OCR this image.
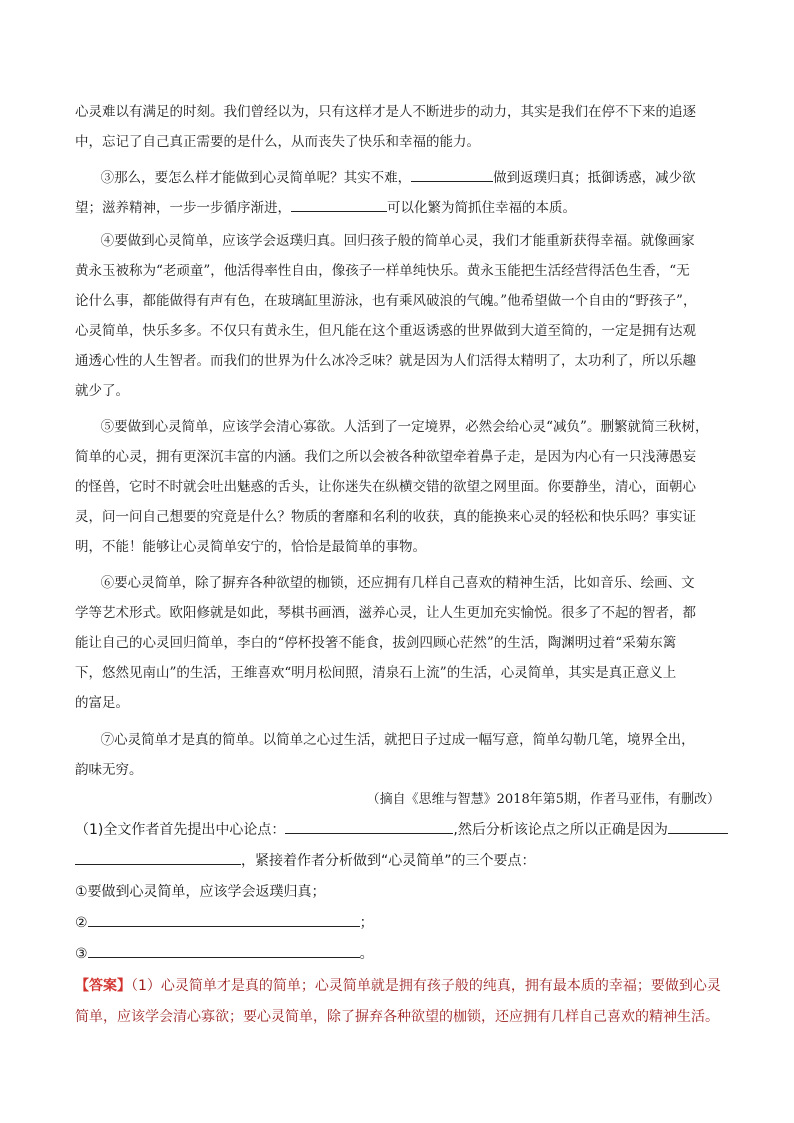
心灵难以有满足的时刻。我们曾经以为，只有这样才是人不断进步的动力，其实是我们在停不下来的追逐
中，忘记了自己真正需要的是什么，从而丧失了快乐和幸福的能力。
③那么，要怎么样才能做到心灵简单呢？其实不难，	做到返璞归真；抵御诱惑，减少欲
望；滋养精神，一步一步循序渐进，	可以化繁为简抓住幸福的本质。
④要做到心灵简单，应该学会返璞归真。回归孩子般的简单心灵，我们才能重新获得幸福。就像画家
黄永玉被称为“老顽童”，他活得率性自由，像孩子一样单纯快乐。黄永玉能把生活经营得活色生香，“无
论什么事，都能做得有声有色，在玻璃缸里游泳，也有乘风破浪的气魄。”他希望做一个自由的“野孩子”，
心灵简单，快乐多多。不仅只有黄永生，但凡能在这个重返诱惑的世界做到大道至简的，一定是拥有达观
通透心性的人生智者。而我们的世界为什么冰冷乏味？就是因为人们活得太精明了，太功利了，所以乐趣
就少了。
⑤要做到心灵简单，应该学会清心寡欲。人活到了一定境界，必然会给心灵“减负”。删繁就简三秋树，
简单的心灵，拥有更深沉丰富的内涵。我们之所以会被各种欲望牵着鼻子走，是因为内心有一只浅薄愚妄
的怪兽，它时不时就会吐出魅惑的舌头，让你迷失在纵横交错的欲望之网里面。你要静坐，清心，面朝心
灵，问一问自己想要的究竟是什么？物质的奢靡和名利的收获，真的能换来心灵的轻松和快乐吗？事实证
明，不能！能够让心灵简单安宁的，恰恰是最简单的事物。
⑥要心灵简单，除了摒弃各种欲望的枷锁，还应拥有几样自己喜欢的精神生活，比如音乐、绘画、文
学等艺术形式。欧阳修就是如此，琴棋书画酒，滋养心灵，让人生更加充实愉悦。很多了不起的智者，都
能让自己的心灵回归简单，李白的“停杯投箸不能食，拔剑四顾心茫然”的生活，陶渊明过着“采菊东篱
下，悠然见南山”的生活，王维喜欢“明月松间照，清泉石上流”的生活，心灵简单，其实是真正意义上
的富足。
⑦心灵简单才是真的简单。以简单之心过生活，就把日子过成一幅写意，简单勾勒几笔，境界全出，
韵味无穷。
（摘自《思维与智慧》2018年第5期，作者马亚伟，有删改）
（1)全文作者首先提出中心论点：	,然后分析该论点之所以正确是因为
，紧接着作者分析做到“心灵简单”的三个要点：
①要做到心灵简单，应该学会返璞归真；
②	；
③	。
【答案】（1）心灵简单才是真的简单；心灵简单就是拥有孩子般的纯真，拥有最本质的幸福；要做到心灵
简单，应该学会清心寡欲；要心灵简单，除了摒弃各种欲望的枷锁，还应拥有几样自己喜欢的精神生活。
